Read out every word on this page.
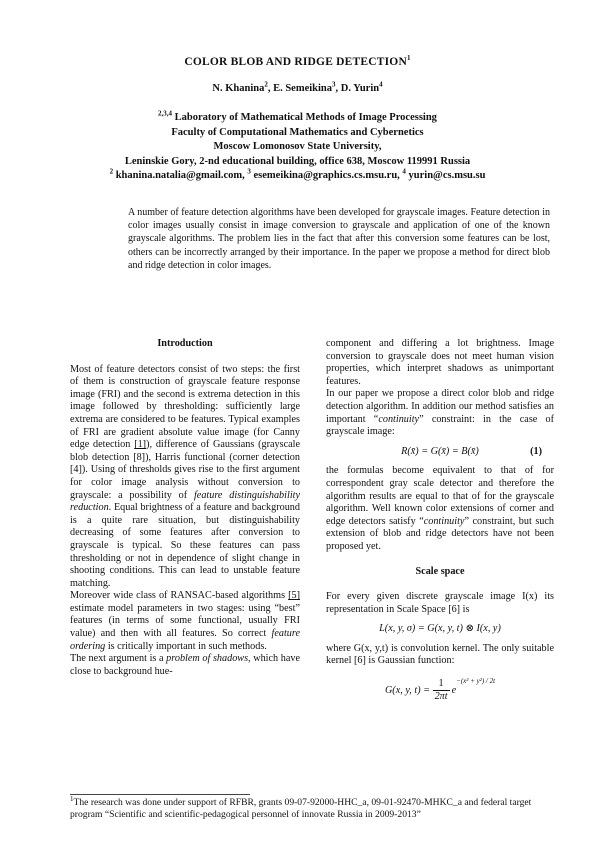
COLOR BLOB AND RIDGE DETECTION$^1$
N. Khanina$^2$, E. Semeikina$^3$, D. Yurin$^4$
$^{2,3,4}$ Laboratory of Mathematical Methods of Image Processing
Faculty of Computational Mathematics and Cybernetics
Moscow Lomonosov State University,
Leninskie Gory, 2-nd educational building, office 638, Moscow 119991 Russia
$^2$ khanina.natalia@gmail.com, $^3$ esemeikina@graphics.cs.msu.ru, $^4$ yurin@cs.msu.su
A number of feature detection algorithms have been developed for grayscale images. Feature detection in color images usually consist in image conversion to grayscale and application of one of the known grayscale algorithms. The problem lies in the fact that after this conversion some features can be lost, others can be incorrectly arranged by their importance. In the paper we propose a method for direct blob and ridge detection in color images.

Introduction

Most of feature detectors consist of two steps: the first of them is construction of grayscale feature response image (FRI) and the second is extrema detection in this image followed by thresholding: sufficiently large extrema are considered to be features. Typical examples of FRI are gradient absolute value image (for Canny edge detection [1]), difference of Gaussians (grayscale blob detection [8]), Harris functional (corner detection [4]). Using of thresholds gives rise to the first argument for color image analysis without conversion to grayscale: a possibility of feature distinguishability reduction. Equal brightness of a feature and background is a quite rare situation, but distinguishability decreasing of some features after conversion to grayscale is typical. So these features can pass thresholding or not in dependence of slight change in shooting conditions. This can lead to unstable feature matching.

Moreover wide class of RANSAC-based algorithms [5] estimate model parameters in two stages: using “best” features (in terms of some functional, usually FRI value) and then with all features. So correct feature ordering is critically important in such methods.

The next argument is a problem of shadows, which have close to background hue-

component and differing a lot brightness. Image conversion to grayscale does not meet human vision properties, which interpret shadows as unimportant features.

In our paper we propose a direct color blob and ridge detection algorithm. In addition our method satisfies an important “continuity” constraint: in the case of grayscale image:

R(x̄) = G(x̄) = B(x̄)	(1)

the formulas become equivalent to that of for correspondent gray scale detector and therefore the algorithm results are equal to that of for the grayscale algorithm. Well known color extensions of corner and edge detectors satisfy “continuity” constraint, but such extension of blob and ridge detectors have not been proposed yet.

Scale space

For every given discrete grayscale image I(x) its representation in Scale Space [6] is

L(x, y, σ) = G(x, y, t) ⊗ I(x, y)

where G(x, y,t) is convolution kernel. The only suitable kernel [6] is Gaussian function:

G(x, y, $t) = \frac{1}{2\pi t} e^{-(x^2 + y^2) / 2t}$

$^1$The research was done under support of RFBR, grants 09-07-92000-HHC_a, 09-01-92470-MHKC_a and federal target program “Scientific and scientific-pedagogical personnel of innovate Russia in 2009-2013”
